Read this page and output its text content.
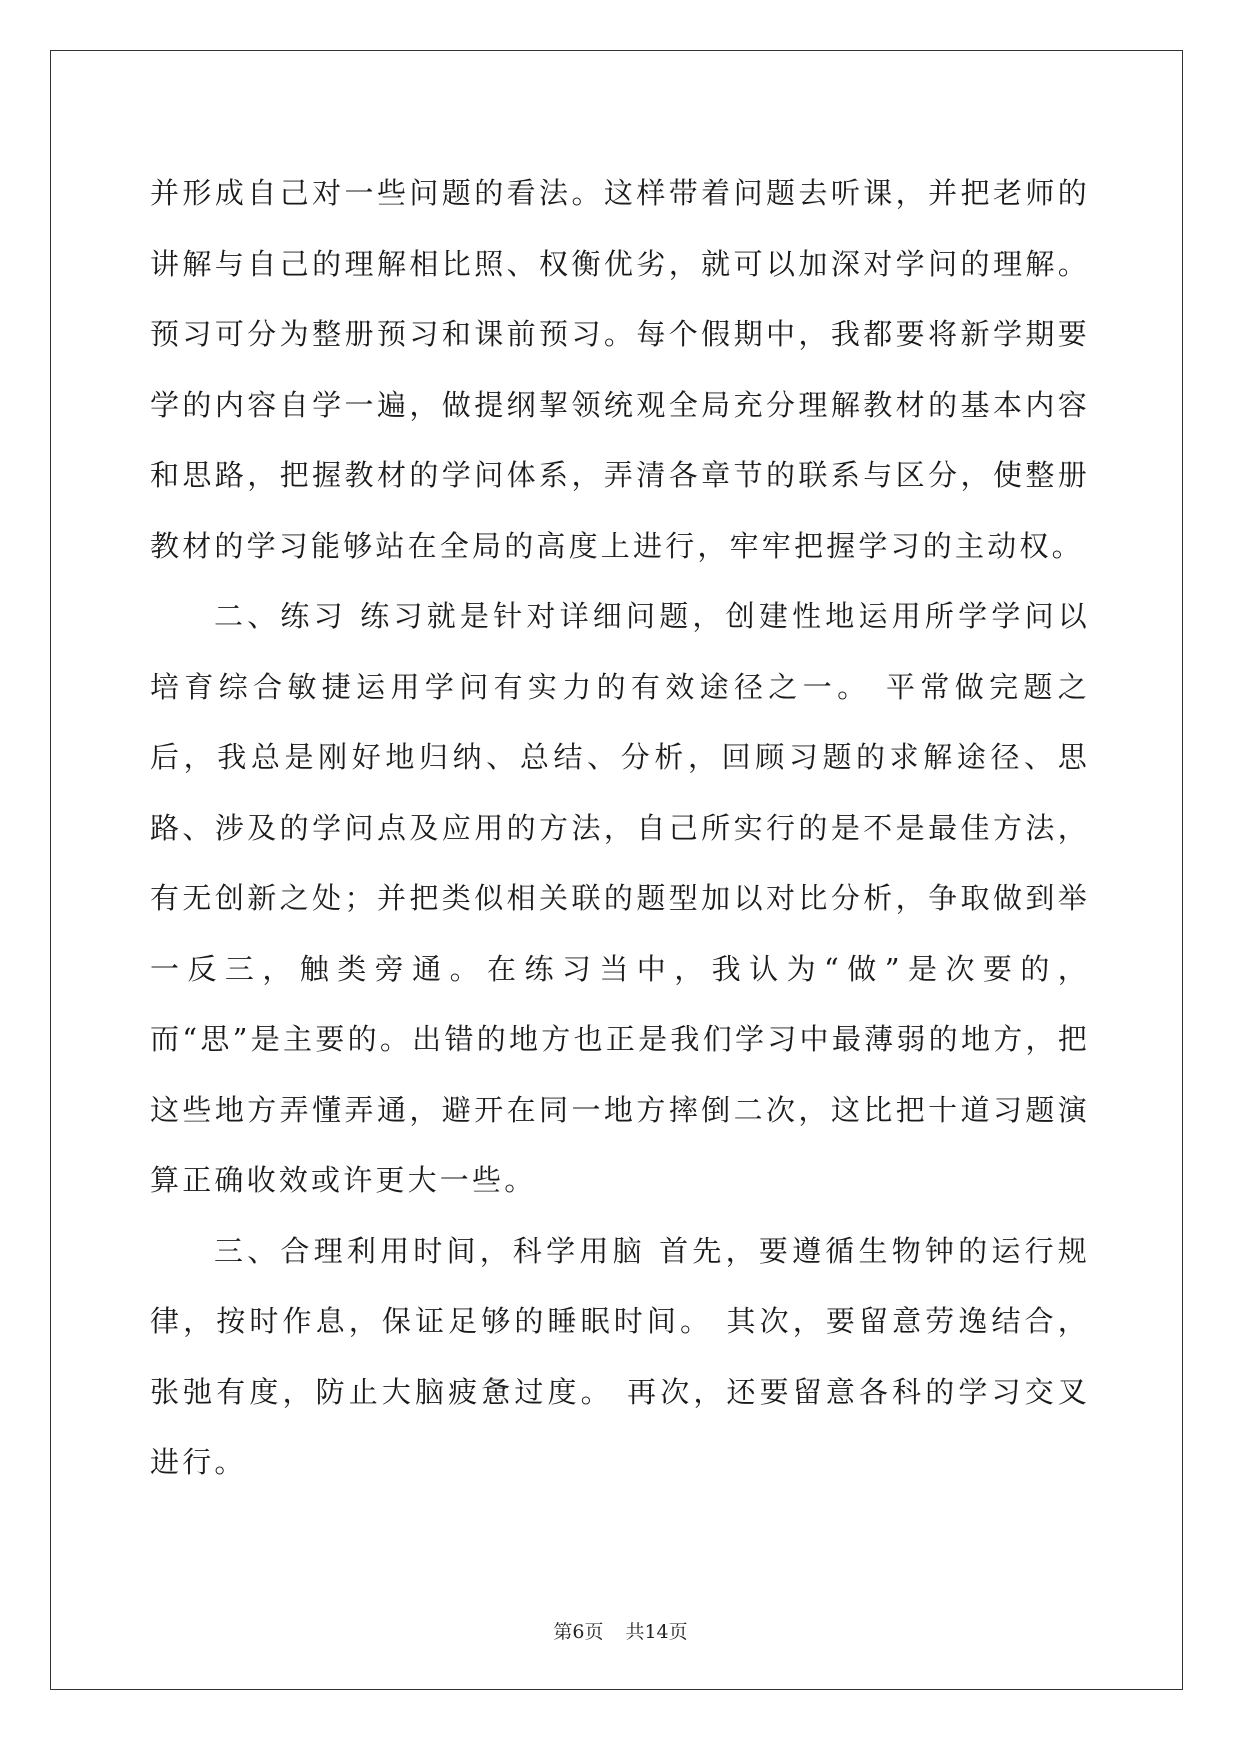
并形成自己对一些问题的看法。这样带着问题去听课，并把老师的讲解与自己的理解相比照、权衡优劣，就可以加深对学问的理解。预习可分为整册预习和课前预习。每个假期中，我都要将新学期要学的内容自学一遍，做提纲挈领统观全局充分理解教材的基本内容和思路，把握教材的学问体系，弄清各章节的联系与区分，使整册教材的学习能够站在全局的高度上进行，牢牢把握学习的主动权。

二、练习 练习就是针对详细问题，创建性地运用所学学问以培育综合敏捷运用学问有实力的有效途径之一。 平常做完题之后，我总是刚好地归纳、总结、分析，回顾习题的求解途径、思路、涉及的学问点及应用的方法，自己所实行的是不是最佳方法，有无创新之处；并把类似相关联的题型加以对比分析，争取做到举一反三，触类旁通。在练习当中，我认为“做”是次要的，而“思”是主要的。出错的地方也正是我们学习中最薄弱的地方，把这些地方弄懂弄通，避开在同一地方摔倒二次，这比把十道习题演算正确收效或许更大一些。

三、合理利用时间，科学用脑 首先，要遵循生物钟的运行规律，按时作息，保证足够的睡眠时间。 其次，要留意劳逸结合，张弛有度，防止大脑疲惫过度。 再次，还要留意各科的学习交叉进行。

第6页 共14页
